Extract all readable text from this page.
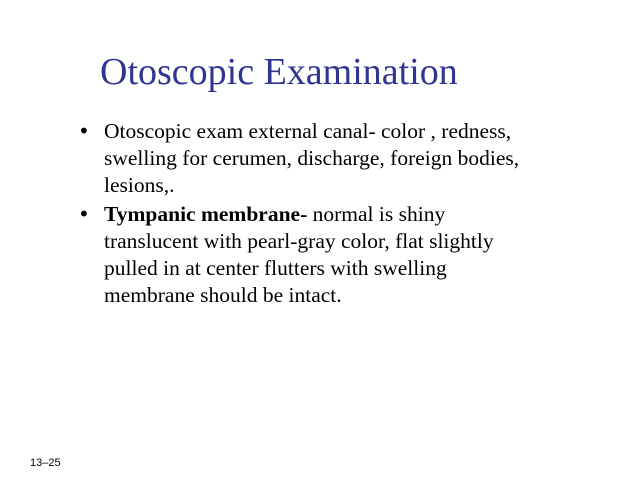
Otoscopic Examination
• Otoscopic exam external canal- color , redness, swelling for cerumen, discharge, foreign bodies, lesions,.
• Tympanic membrane- normal is shiny translucent with pearl-gray color, flat slightly pulled in at center flutters with swelling membrane should be intact.
13–25
